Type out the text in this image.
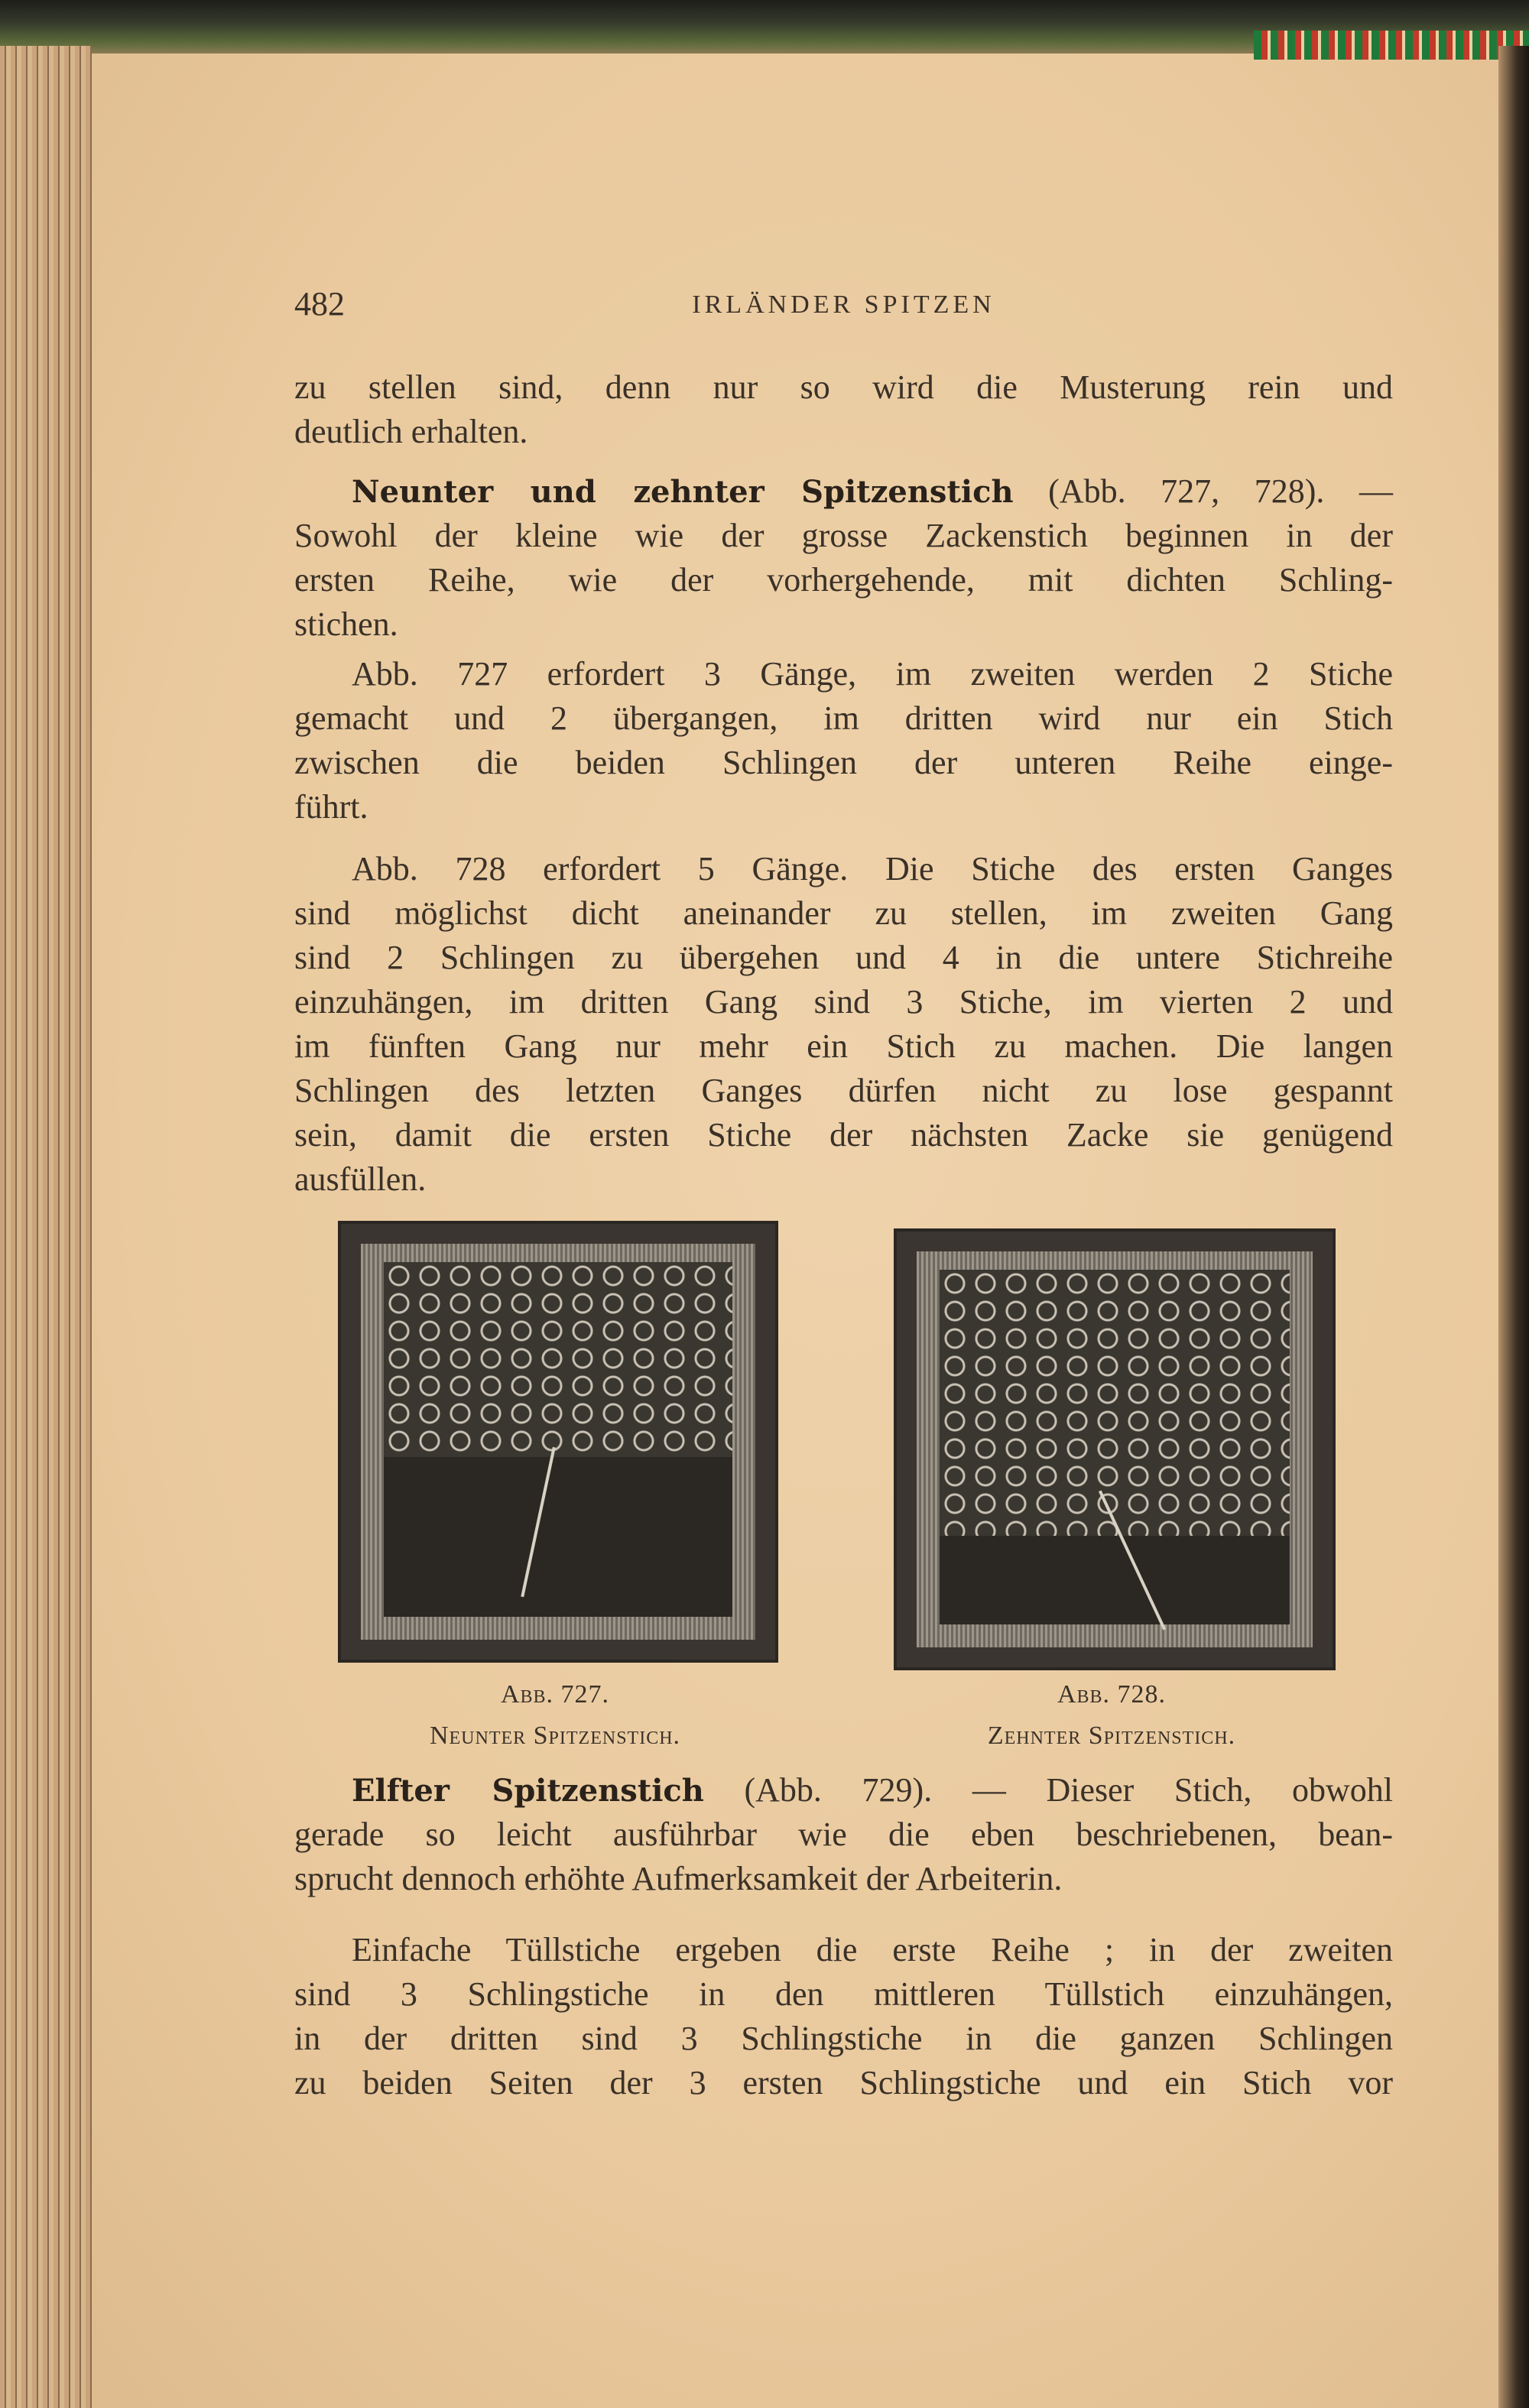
482	IRLÄNDER SPITZEN
zu stellen sind, denn nur so wird die Musterung rein und
deutlich erhalten.
Neunter und zehnter Spitzenstich (Abb. 727, 728). —
Sowohl der kleine wie der grosse Zackenstich beginnen in der
ersten Reihe, wie der vorhergehende, mit dichten Schling-
stichen.
Abb. 727 erfordert 3 Gänge, im zweiten werden 2 Stiche
gemacht und 2 übergangen, im dritten wird nur ein Stich
zwischen die beiden Schlingen der unteren Reihe einge-
führt.
Abb. 728 erfordert 5 Gänge. Die Stiche des ersten Ganges
sind möglichst dicht aneinander zu stellen, im zweiten Gang
sind 2 Schlingen zu übergehen und 4 in die untere Stichreihe
einzuhängen, im dritten Gang sind 3 Stiche, im vierten 2 und
im fünften Gang nur mehr ein Stich zu machen. Die langen
Schlingen des letzten Ganges dürfen nicht zu lose gespannt
sein, damit die ersten Stiche der nächsten Zacke sie genügend
ausfüllen.
Abb. 727.
Neunter Spitzenstich.
Abb. 728.
Zehnter Spitzenstich.
Elfter Spitzenstich (Abb. 729). — Dieser Stich, obwohl
gerade so leicht ausführbar wie die eben beschriebenen, bean-
sprucht dennoch erhöhte Aufmerksamkeit der Arbeiterin.
Einfache Tüllstiche ergeben die erste Reihe ; in der zweiten
sind 3 Schlingstiche in den mittleren Tüllstich einzuhängen,
in der dritten sind 3 Schlingstiche in die ganzen Schlingen
zu beiden Seiten der 3 ersten Schlingstiche und ein Stich vor
